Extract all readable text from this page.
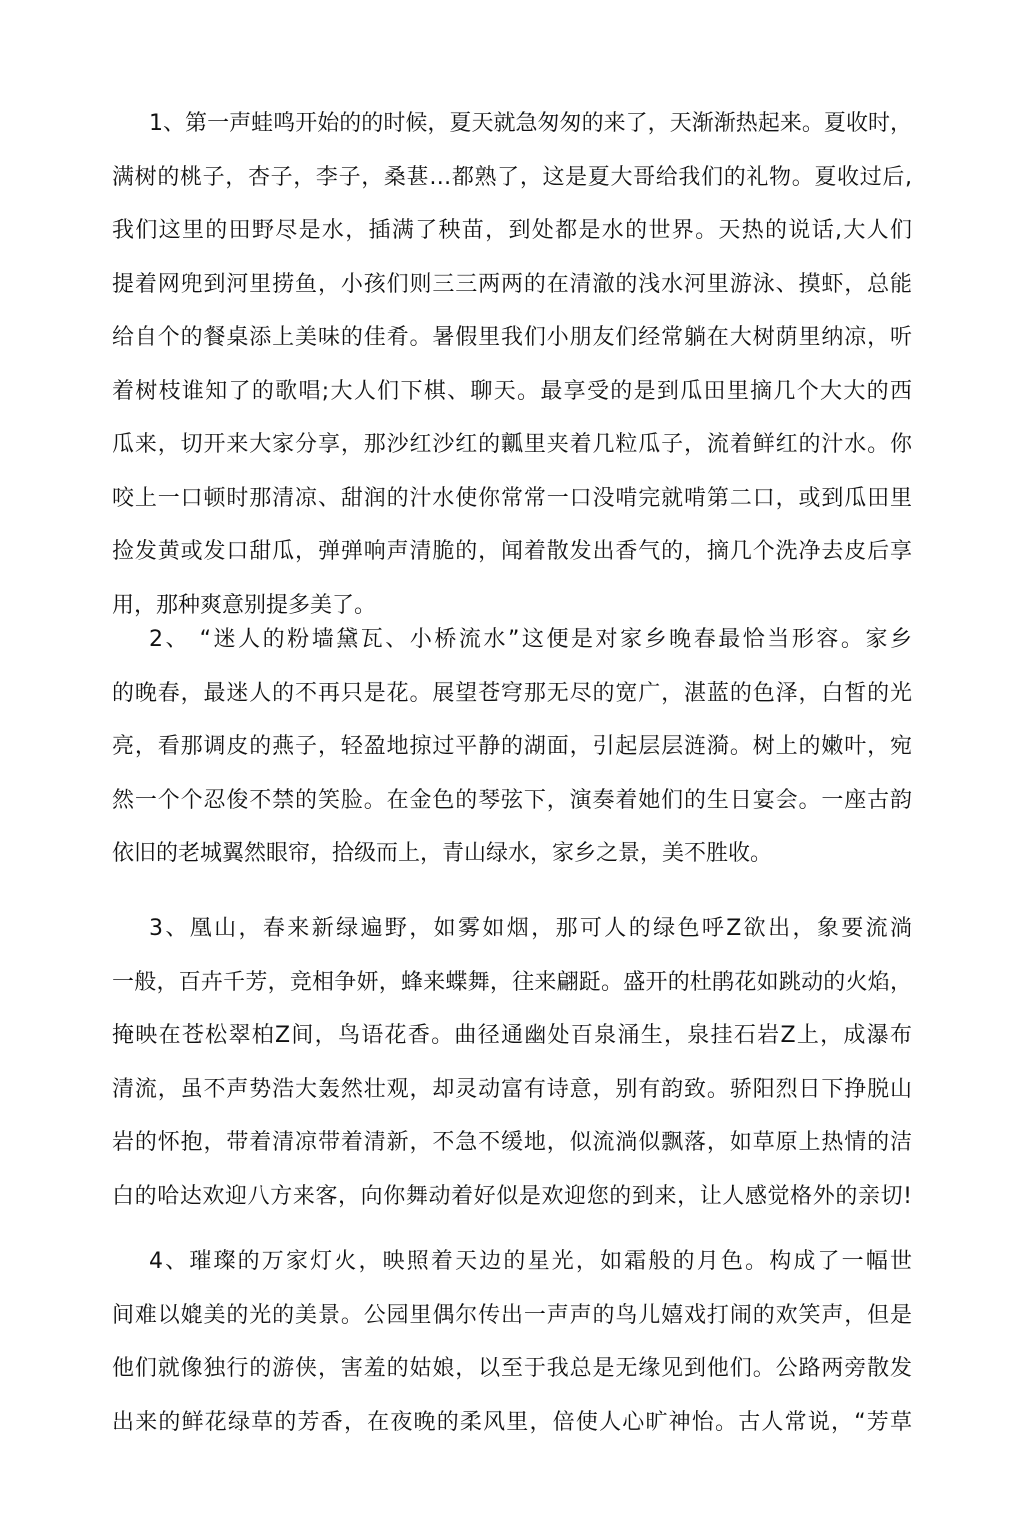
1、第一声蛙鸣开始的的时候，夏天就急匆匆的来了，天渐渐热起来。夏收时，
满树的桃子，杏子，李子，桑葚…都熟了，这是夏大哥给我们的礼物。夏收过后,
我们这里的田野尽是水，插满了秧苗，到处都是水的世界。天热的说话,大人们
提着网兜到河里捞鱼，小孩们则三三两两的在清澈的浅水河里游泳、摸虾，总能
给自个的餐桌添上美味的佳肴。暑假里我们小朋友们经常躺在大树荫里纳凉，听
着树枝谁知了的歌唱;大人们下棋、聊天。最享受的是到瓜田里摘几个大大的西
瓜来，切开来大家分享，那沙红沙红的瓤里夹着几粒瓜子，流着鲜红的汁水。你
咬上一口顿时那清凉、甜润的汁水使你常常一口没啃完就啃第二口，或到瓜田里
捡发黄或发口甜瓜，弹弹响声清脆的，闻着散发出香气的，摘几个洗净去皮后享
用，那种爽意别提多美了。
2、 “迷人的粉墙黛瓦、小桥流水”这便是对家乡晚春最恰当形容。家乡
的晚春，最迷人的不再只是花。展望苍穹那无尽的宽广，湛蓝的色泽，白皙的光
亮，看那调皮的燕子，轻盈地掠过平静的湖面，引起层层涟漪。树上的嫩叶，宛
然一个个忍俊不禁的笑脸。在金色的琴弦下，演奏着她们的生日宴会。一座古韵
依旧的老城翼然眼帘，拾级而上，青山绿水，家乡之景，美不胜收。
3、凰山，春来新绿遍野，如雾如烟，那可人的绿色呼Z欲出，象要流淌
一般，百卉千芳，竞相争妍，蜂来蝶舞，往来翩跹。盛开的杜鹃花如跳动的火焰，
掩映在苍松翠柏Z间，鸟语花香。曲径通幽处百泉涌生，泉挂石岩Z上，成瀑布
清流，虽不声势浩大轰然壮观，却灵动富有诗意，别有韵致。骄阳烈日下挣脱山
岩的怀抱，带着清凉带着清新，不急不缓地，似流淌似飘落，如草原上热情的洁
白的哈达欢迎八方来客，向你舞动着好似是欢迎您的到来，让人感觉格外的亲切!
4、璀璨的万家灯火，映照着天边的星光，如霜般的月色。构成了一幅世
间难以媲美的光的美景。公园里偶尔传出一声声的鸟儿嬉戏打闹的欢笑声，但是
他们就像独行的游侠，害羞的姑娘，以至于我总是无缘见到他们。公路两旁散发
出来的鲜花绿草的芳香，在夜晚的柔风里，倍使人心旷神怡。古人常说，“芳草
